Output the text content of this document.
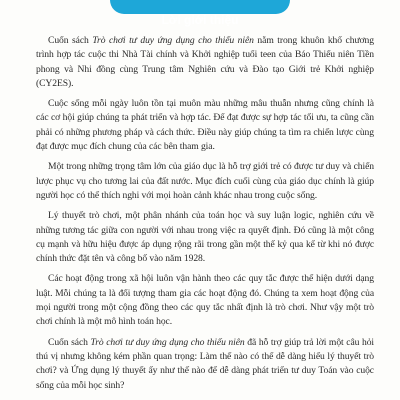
Lời giới thiệu

Cuốn sách Trò chơi tư duy ứng dụng cho thiếu niên nằm trong khuôn khổ chương trình hợp tác cuộc thi Nhà Tài chính và Khởi nghiệp tuổi teen của Báo Thiếu niên Tiền phong và Nhi đồng cùng Trung tâm Nghiên cứu và Đào tạo Giới trẻ Khởi nghiệp (CY2ES).

Cuộc sống mỗi ngày luôn tồn tại muôn màu những mâu thuẫn nhưng cũng chính là các cơ hội giúp chúng ta phát triển và hợp tác. Để đạt được sự hợp tác tối ưu, ta cũng cần phải có những phương pháp và cách thức. Điều này giúp chúng ta tìm ra chiến lược cùng đạt được mục đích chung của các bên tham gia.

Một trong những trọng tâm lớn của giáo dục là hỗ trợ giới trẻ có được tư duy và chiến lược phục vụ cho tương lai của đất nước. Mục đích cuối cùng của giáo dục chính là giúp người học có thể thích nghi với mọi hoàn cảnh khác nhau trong cuộc sống.

Lý thuyết trò chơi, một phân nhánh của toán học và suy luận logic, nghiên cứu về những tương tác giữa con người với nhau trong việc ra quyết định. Đó cũng là một công cụ mạnh và hữu hiệu được áp dụng rộng rãi trong gần một thế kỷ qua kể từ khi nó được chính thức đặt tên và công bố vào năm 1928.

Các hoạt động trong xã hội luôn vận hành theo các quy tắc được thể hiện dưới dạng luật. Mỗi chúng ta là đối tượng tham gia các hoạt động đó. Chúng ta xem hoạt động của mọi người trong một cộng đồng theo các quy tắc nhất định là trò chơi. Như vậy một trò chơi chính là một mô hình toán học.

Cuốn sách Trò chơi tư duy ứng dụng cho thiếu niên đã hỗ trợ giúp trả lời một câu hỏi thú vị nhưng không kém phần quan trọng: Làm thế nào có thể dễ dàng hiểu lý thuyết trò chơi? và Ứng dụng lý thuyết ấy như thế nào để dễ dàng phát triển tư duy Toán vào cuộc sống của mỗi học sinh?
